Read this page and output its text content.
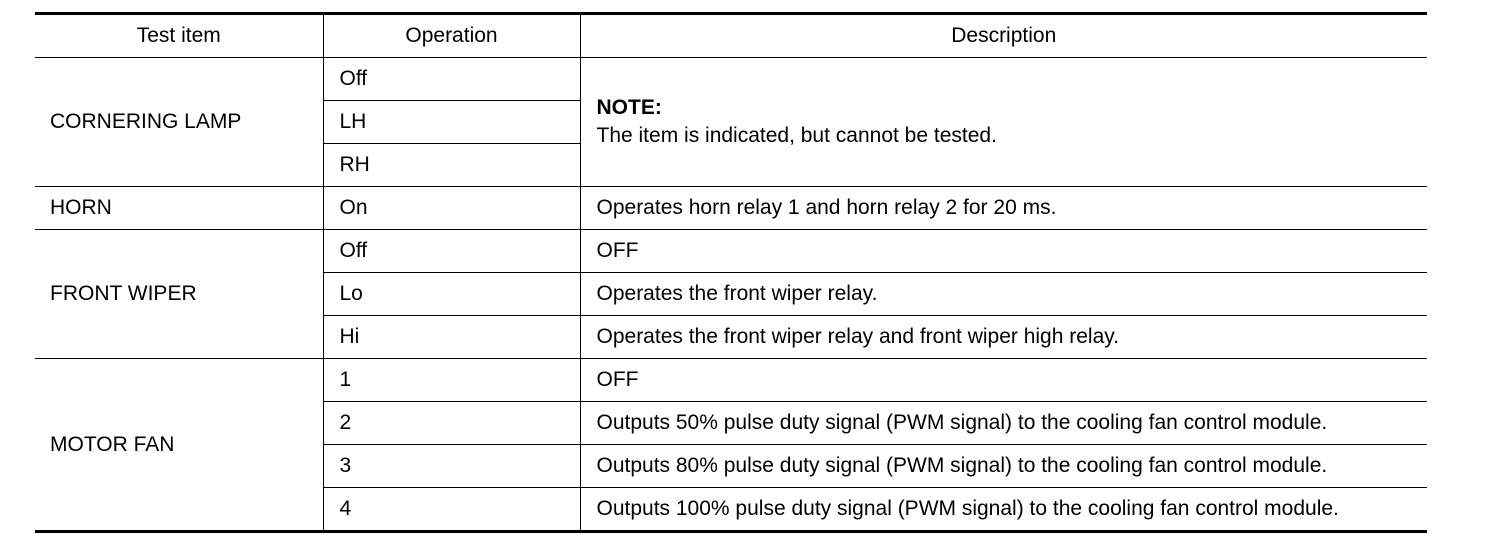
Test item	Operation	Description
CORNERING LAMP	Off	NOTE:
The item is indicated, but cannot be tested.

	LH	
	RH	
HORN	On	Operates horn relay 1 and horn relay 2 for 20 ms.
FRONT WIPER	Off	OFF
	Lo	Operates the front wiper relay.
	Hi	Operates the front wiper relay and front wiper high relay.
MOTOR FAN	1	OFF
	2	Outputs 50% pulse duty signal (PWM signal) to the cooling fan control module.
	3	Outputs 80% pulse duty signal (PWM signal) to the cooling fan control module.
	4	Outputs 100% pulse duty signal (PWM signal) to the cooling fan control module.
